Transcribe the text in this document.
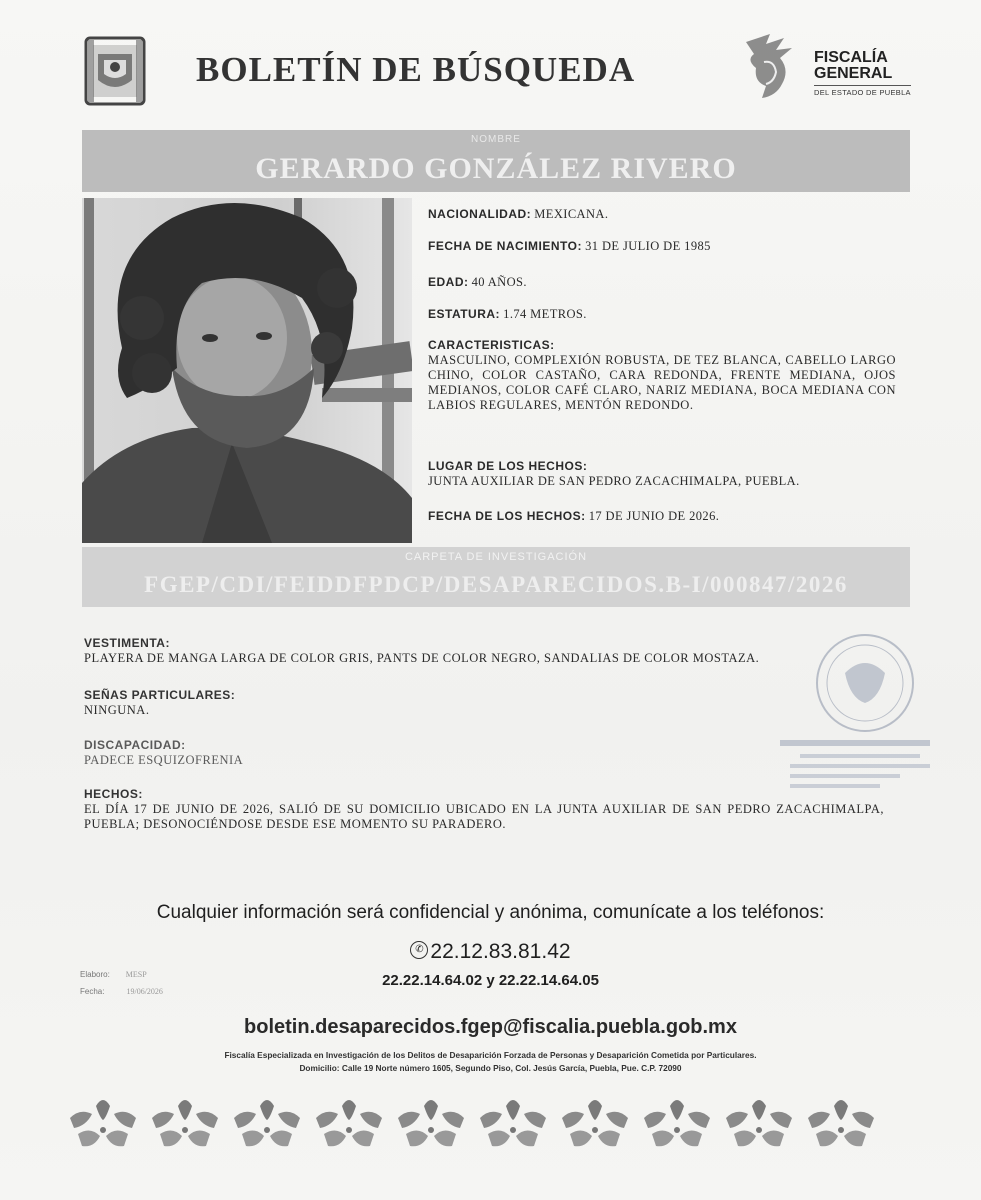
BOLETÍN DE BÚSQUEDA	FISCALÍA
GENERAL
DEL ESTADO DE PUEBLA
NOMBRE
GERARDO GONZÁLEZ RIVERO
NACIONALIDAD: MEXICANA.
FECHA DE NACIMIENTO: 31 DE JULIO DE 1985
EDAD: 40 AÑOS.
ESTATURA: 1.74 METROS.
CARACTERISTICAS:
MASCULINO, COMPLEXIÓN ROBUSTA, DE TEZ BLANCA, CABELLO LARGO CHINO, COLOR CASTAÑO, CARA REDONDA, FRENTE MEDIANA, OJOS MEDIANOS, COLOR CAFÉ CLARO, NARIZ MEDIANA, BOCA MEDIANA CON LABIOS REGULARES, MENTÓN REDONDO.
LUGAR DE LOS HECHOS:
JUNTA AUXILIAR DE SAN PEDRO ZACACHIMALPA, PUEBLA.
FECHA DE LOS HECHOS: 17 DE JUNIO DE 2026.
CARPETA DE INVESTIGACIÓN
FGEP/CDI/FEIDDFPDCP/DESAPARECIDOS.B-I/000847/2026
VESTIMENTA:
PLAYERA DE MANGA LARGA DE COLOR GRIS, PANTS DE COLOR NEGRO, SANDALIAS DE COLOR MOSTAZA.
SEÑAS PARTICULARES:
NINGUNA.
DISCAPACIDAD:
PADECE ESQUIZOFRENIA
HECHOS:
EL DÍA 17 DE JUNIO DE 2026, SALIÓ DE SU DOMICILIO UBICADO EN LA JUNTA AUXILIAR DE SAN PEDRO ZACACHIMALPA, PUEBLA; DESONOCIÉNDOSE DESDE ESE MOMENTO SU PARADERO.
Cualquier información será confidencial y anónima, comunícate a los teléfonos:
✆ 22.12.83.81.42
22.22.14.64.02 y 22.22.14.64.05
Elaboro: MESP
Fecha:	19/06/2026
boletin.desaparecidos.fgep@fiscalia.puebla.gob.mx
Fiscalía Especializada en Investigación de los Delitos de Desaparición Forzada de Personas y Desaparición Cometida por Particulares.
Domicilio: Calle 19 Norte número 1605, Segundo Piso, Col. Jesús García, Puebla, Pue. C.P. 72090
